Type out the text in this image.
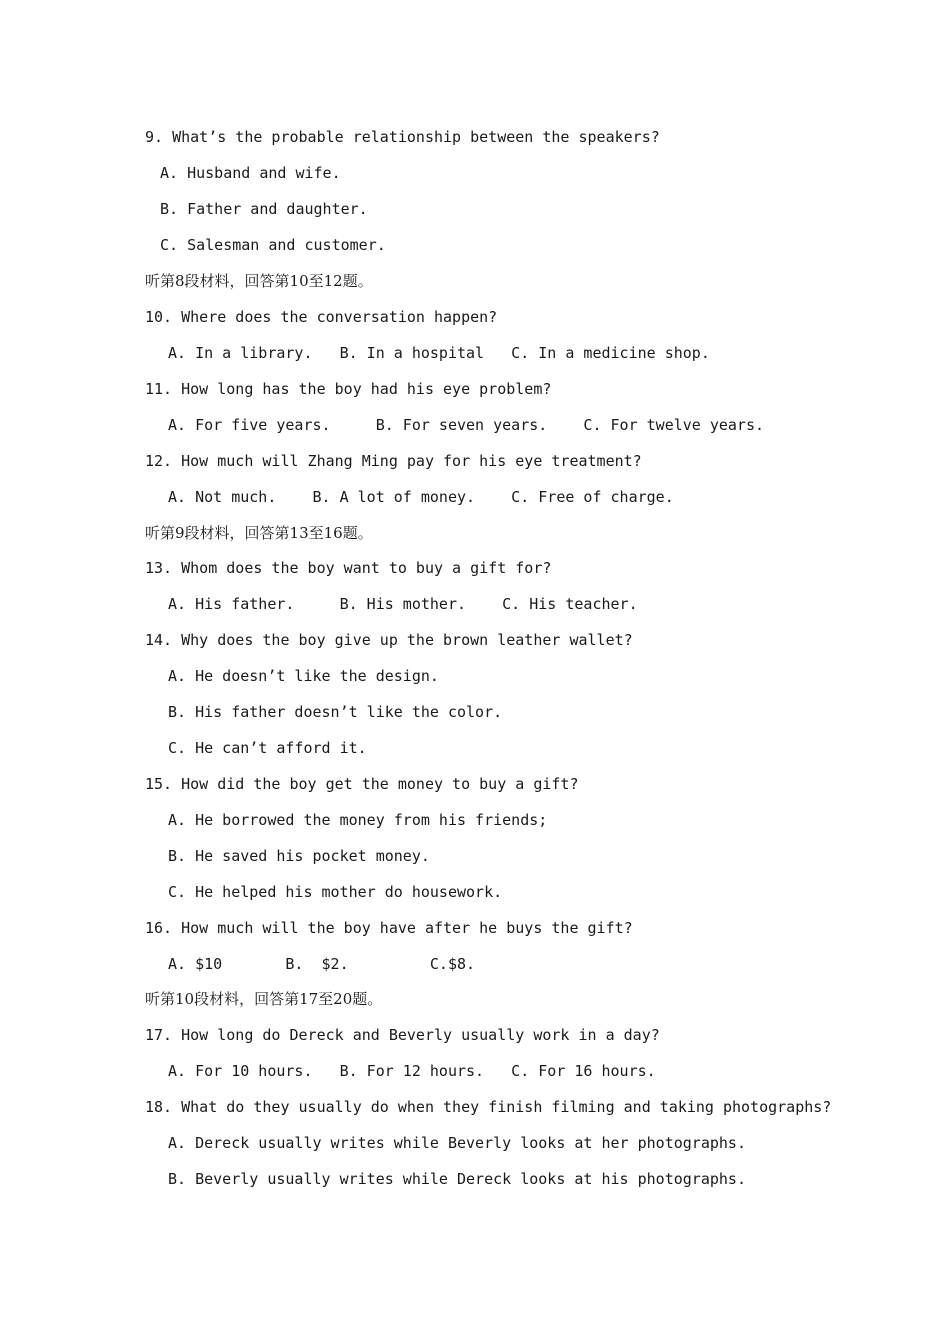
9. What’s the probable relationship between the speakers?
A. Husband and wife.
B. Father and daughter.
C. Salesman and customer.
听第8段材料，回答第10至12题。
10. Where does the conversation happen?
A. In a library.   B. In a hospital   C. In a medicine shop.
11. How long has the boy had his eye problem?
A. For five years.     B. For seven years.    C. For twelve years.
12. How much will Zhang Ming pay for his eye treatment?
A. Not much.    B. A lot of money.    C. Free of charge.
听第9段材料，回答第13至16题。
13. Whom does the boy want to buy a gift for?
A. His father.     B. His mother.    C. His teacher.
14. Why does the boy give up the brown leather wallet?
A. He doesn’t like the design.
B. His father doesn’t like the color.
C. He can’t afford it.
15. How did the boy get the money to buy a gift?
A. He borrowed the money from his friends;
B. He saved his pocket money.
C. He helped his mother do housework.
16. How much will the boy have after he buys the gift?
A. $10       B.  $2.         C.$8.
听第10段材料，回答第17至20题。
17. How long do Dereck and Beverly usually work in a day?
A. For 10 hours.   B. For 12 hours.   C. For 16 hours.
18. What do they usually do when they finish filming and taking photographs?
A. Dereck usually writes while Beverly looks at her photographs.
B. Beverly usually writes while Dereck looks at his photographs.
